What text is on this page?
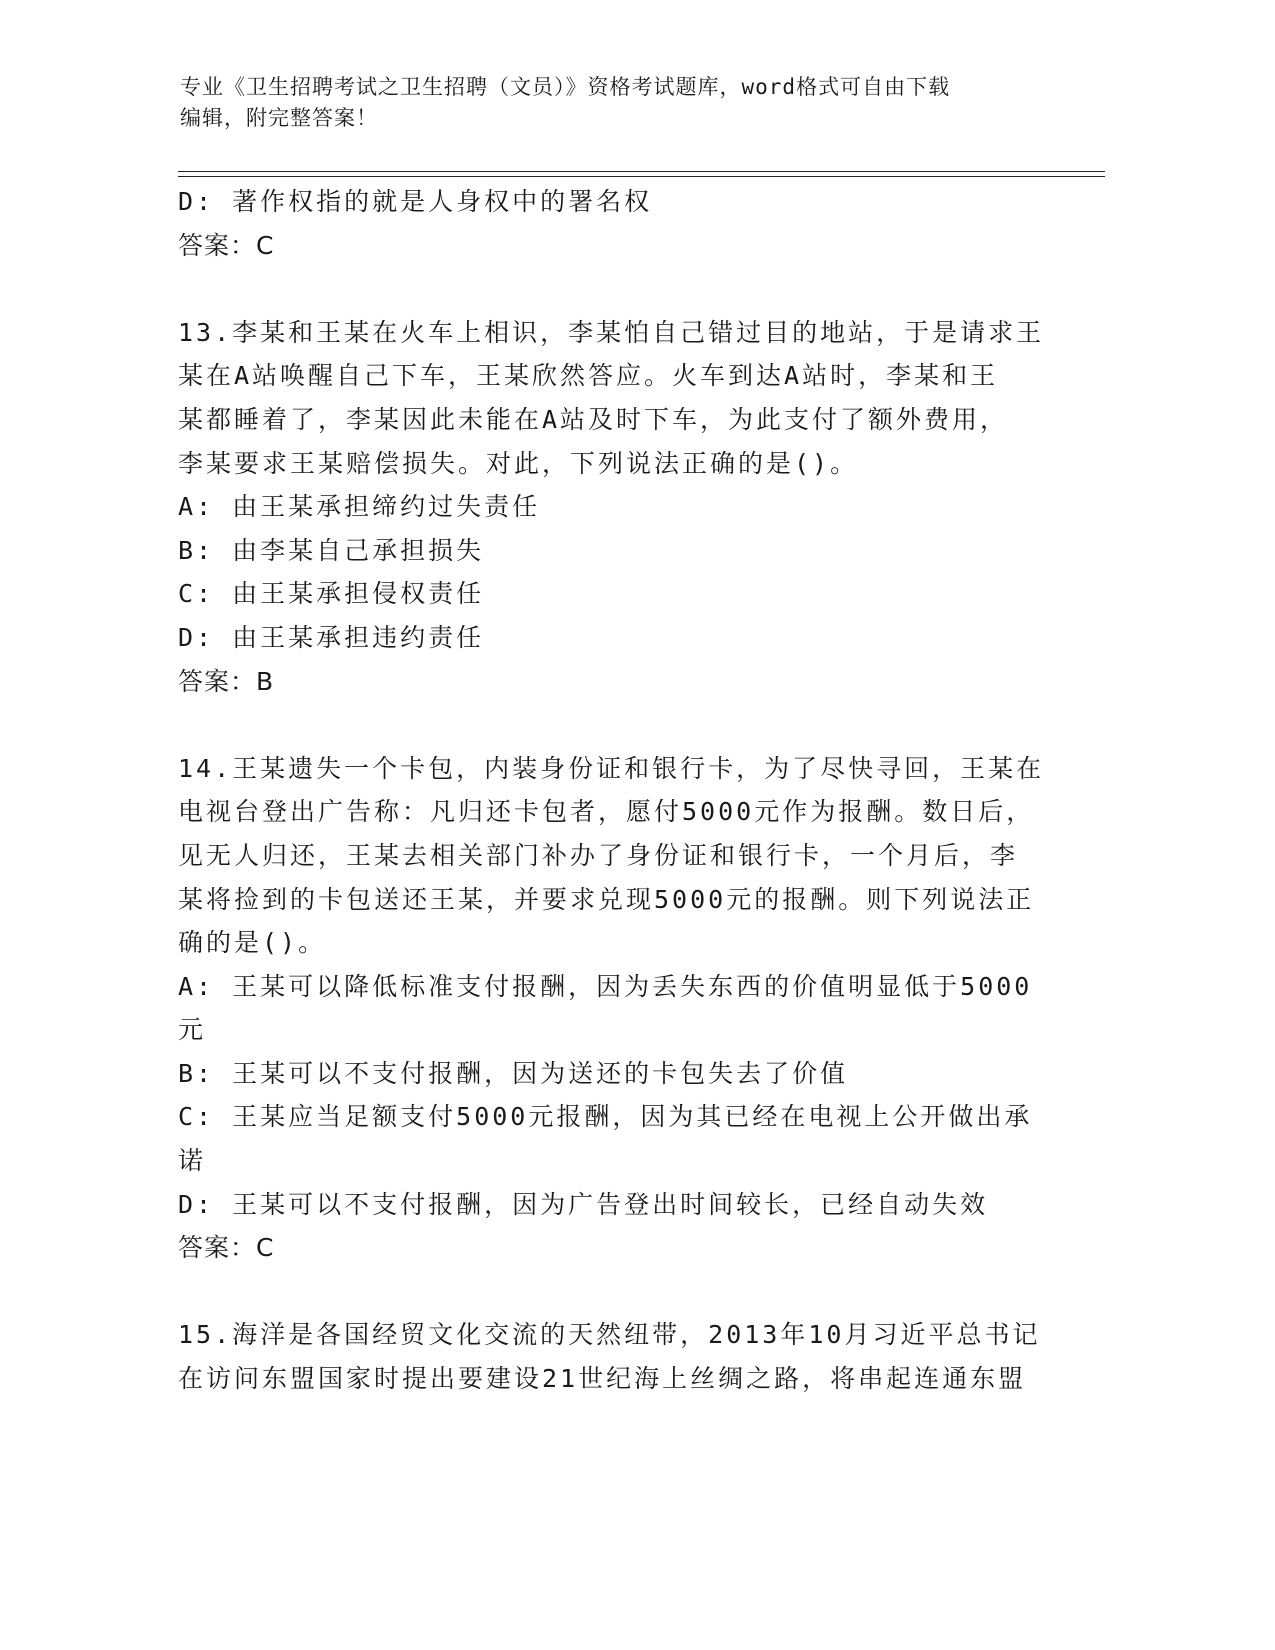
专业《卫生招聘考试之卫生招聘（文员）》资格考试题库，word格式可自由下载
编辑，附完整答案！
D: 著作权指的就是人身权中的署名权
答案：C
13.李某和王某在火车上相识，李某怕自己错过目的地站，于是请求王
某在A站唤醒自己下车，王某欣然答应。火车到达A站时，李某和王
某都睡着了，李某因此未能在A站及时下车，为此支付了额外费用，
李某要求王某赔偿损失。对此，下列说法正确的是()。
A: 由王某承担缔约过失责任
B: 由李某自己承担损失
C: 由王某承担侵权责任
D: 由王某承担违约责任
答案：B
14.王某遗失一个卡包，内装身份证和银行卡，为了尽快寻回，王某在
电视台登出广告称：凡归还卡包者，愿付5000元作为报酬。数日后，
见无人归还，王某去相关部门补办了身份证和银行卡，一个月后，李
某将捡到的卡包送还王某，并要求兑现5000元的报酬。则下列说法正
确的是()。
A: 王某可以降低标准支付报酬，因为丢失东西的价值明显低于5000
元
B: 王某可以不支付报酬，因为送还的卡包失去了价值
C: 王某应当足额支付5000元报酬，因为其已经在电视上公开做出承
诺
D: 王某可以不支付报酬，因为广告登出时间较长，已经自动失效
答案：C
15.海洋是各国经贸文化交流的天然纽带，2013年10月习近平总书记
在访问东盟国家时提出要建设21世纪海上丝绸之路，将串起连通东盟
